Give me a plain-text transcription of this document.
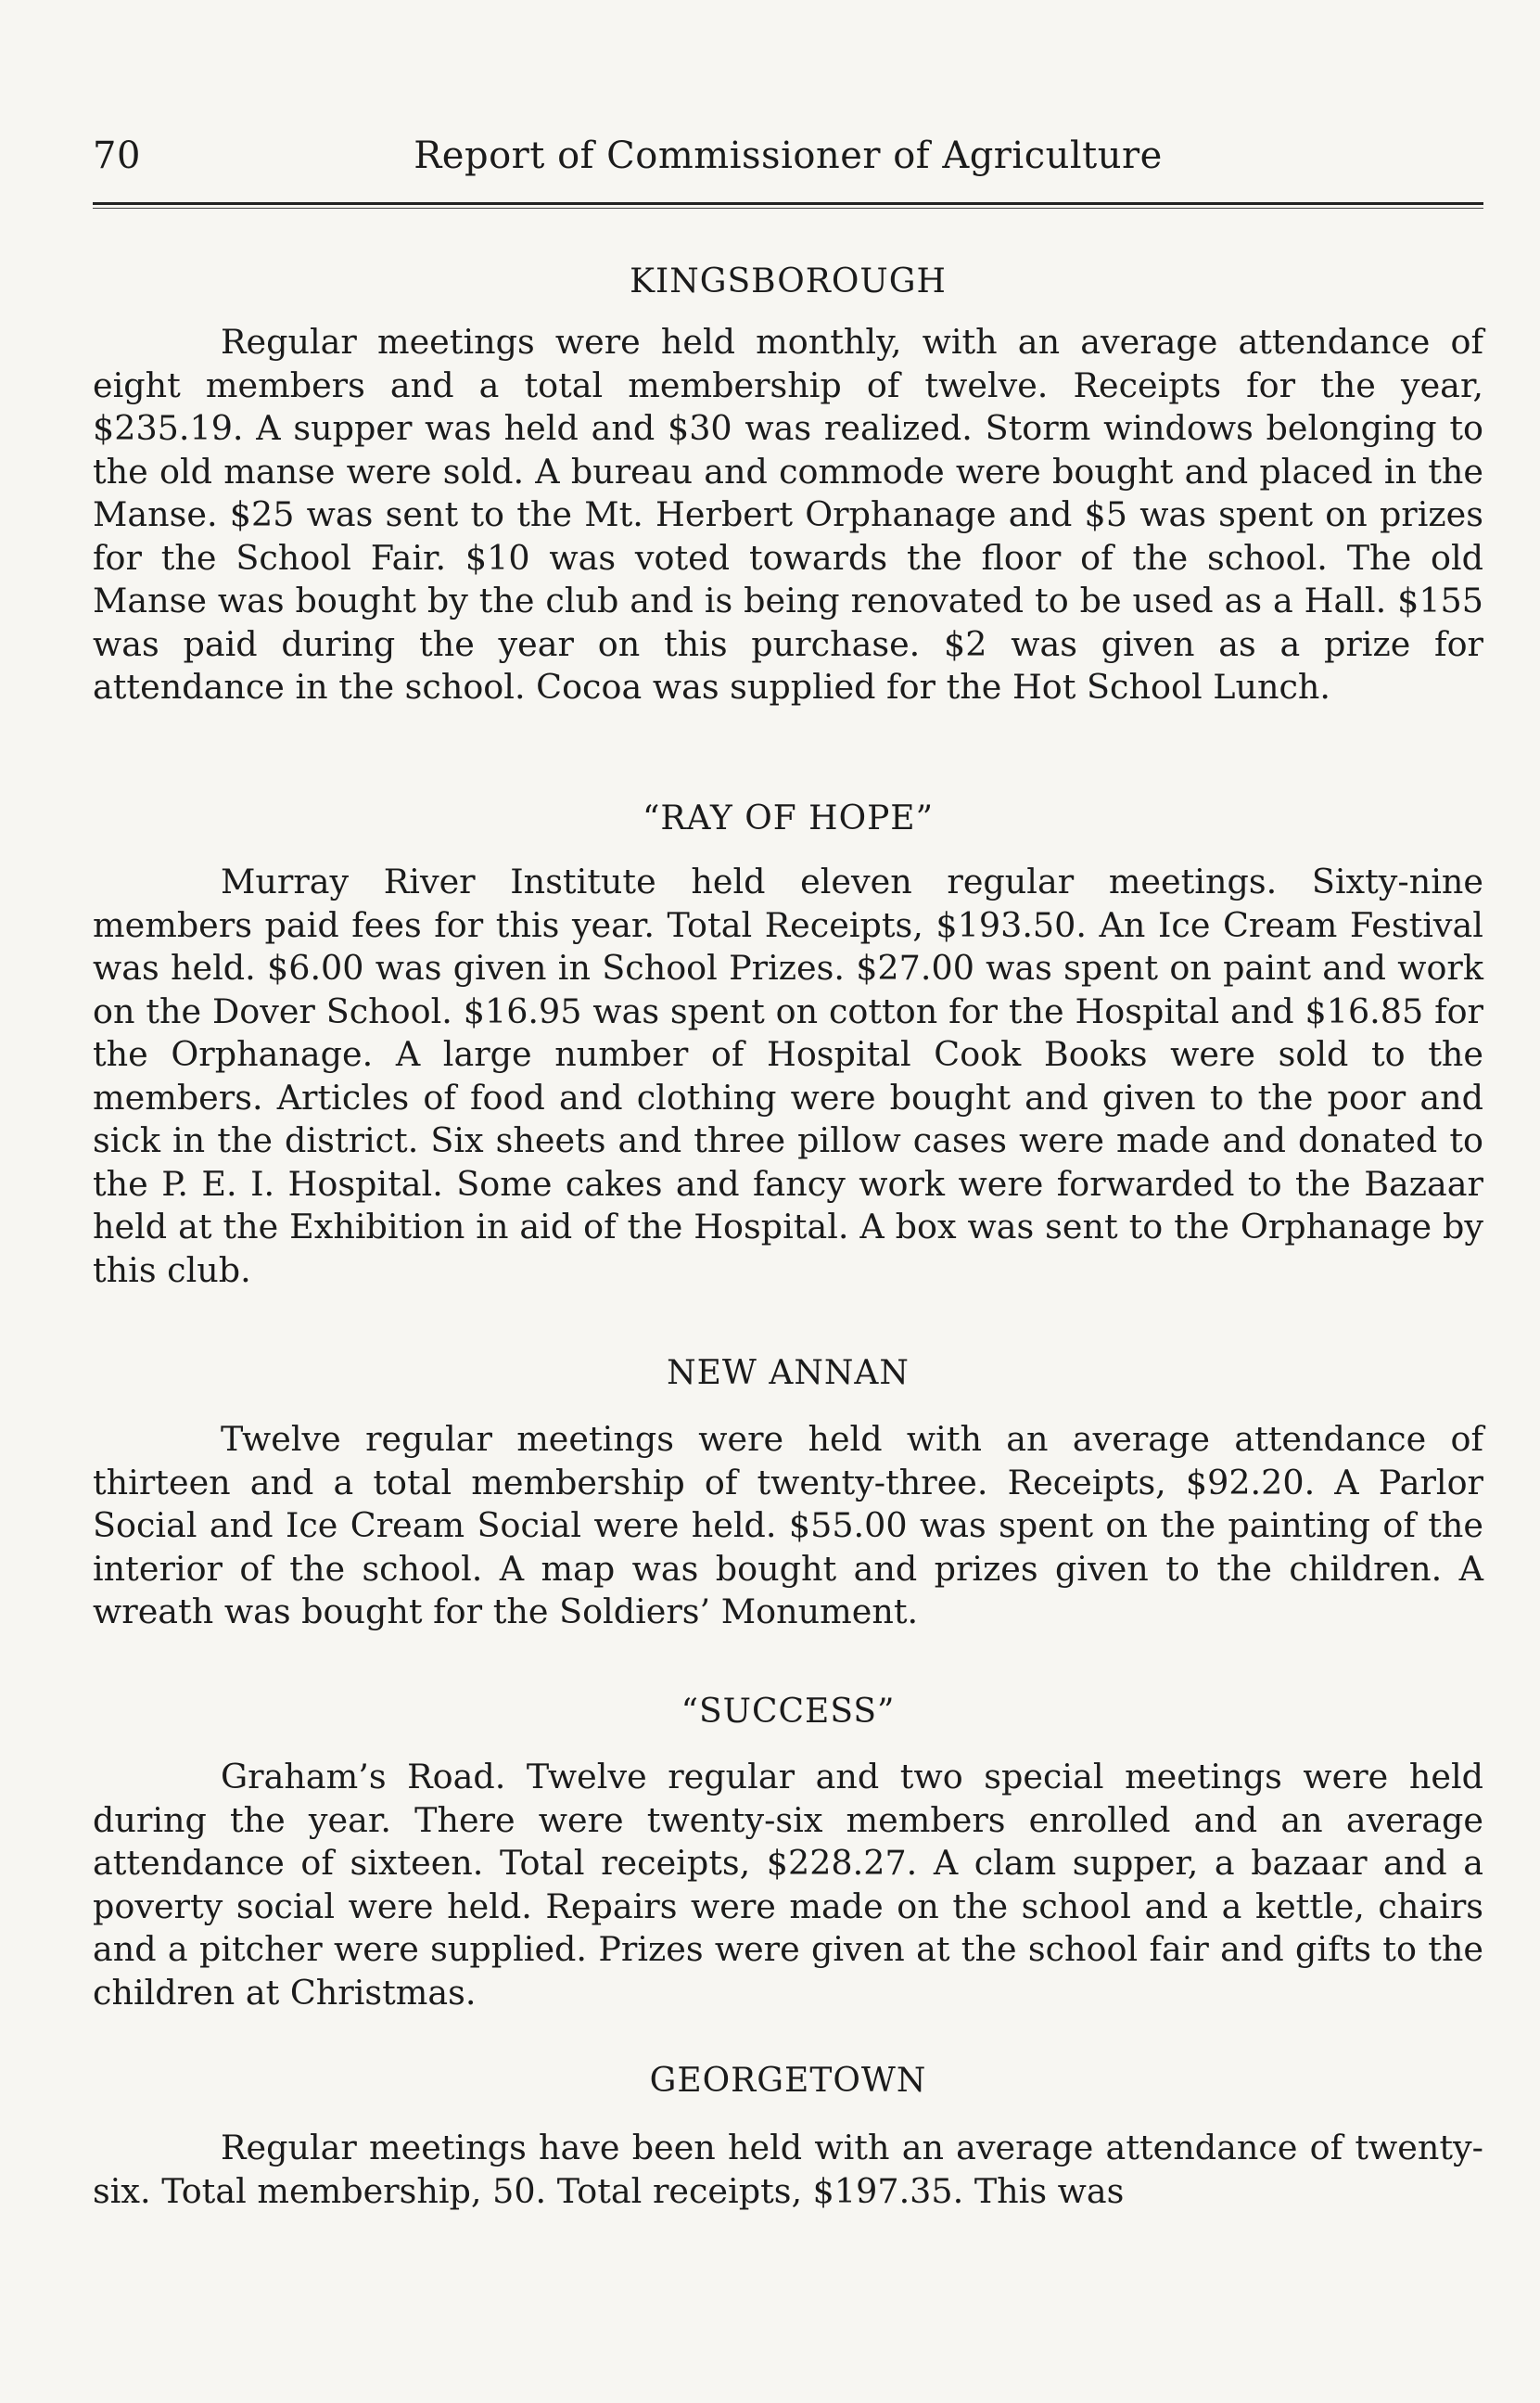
70	Report of Commissioner of Agriculture
KINGSBOROUGH

Regular meetings were held monthly, with an average attendance of eight members and a total membership of twelve. Receipts for the year, $235.19. A supper was held and $30 was realized. Storm windows belonging to the old manse were sold. A bureau and commode were bought and placed in the Manse. $25 was sent to the Mt. Herbert Orphanage and $5 was spent on prizes for the School Fair. $10 was voted towards the floor of the school. The old Manse was bought by the club and is being renovated to be used as a Hall. $155 was paid during the year on this purchase. $2 was given as a prize for attendance in the school. Cocoa was supplied for the Hot School Lunch.

“RAY OF HOPE”

Murray River Institute held eleven regular meetings. Sixty-nine members paid fees for this year. Total Receipts, $193.50. An Ice Cream Festival was held. $6.00 was given in School Prizes. $27.00 was spent on paint and work on the Dover School. $16.95 was spent on cotton for the Hospital and $16.85 for the Orphanage. A large number of Hospital Cook Books were sold to the members. Articles of food and clothing were bought and given to the poor and sick in the district. Six sheets and three pillow cases were made and donated to the P. E. I. Hospital. Some cakes and fancy work were forwarded to the Bazaar held at the Exhibition in aid of the Hospital. A box was sent to the Orphanage by this club.

NEW ANNAN

Twelve regular meetings were held with an average attendance of thirteen and a total membership of twenty-three. Receipts, $92.20. A Parlor Social and Ice Cream Social were held. $55.00 was spent on the painting of the interior of the school. A map was bought and prizes given to the children. A wreath was bought for the Soldiers’ Monument.

“SUCCESS”

Graham’s Road. Twelve regular and two special meetings were held during the year. There were twenty-six members enrolled and an average attendance of sixteen. Total receipts, $228.27. A clam supper, a bazaar and a poverty social were held. Repairs were made on the school and a kettle, chairs and a pitcher were supplied. Prizes were given at the school fair and gifts to the children at Christmas.

GEORGETOWN

Regular meetings have been held with an average attendance of twenty-six. Total membership, 50. Total receipts, $197.35. This was
